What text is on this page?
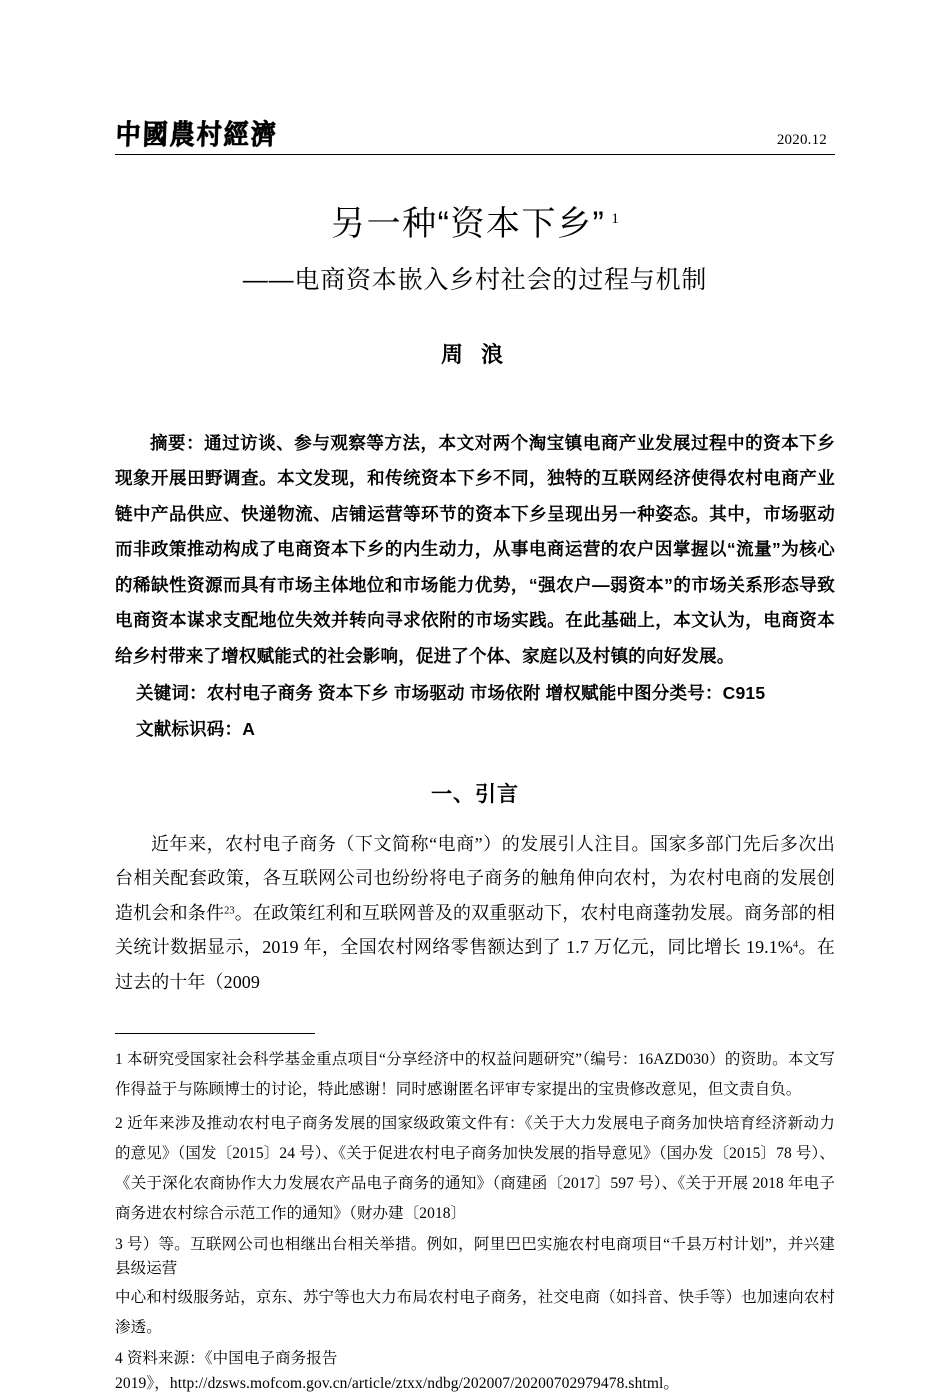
中國農村經濟	2020.12
另一种“资本下乡” $^1$
——电商资本嵌入乡村社会的过程与机制
周 浪

摘要：通过访谈、参与观察等方法，本文对两个淘宝镇电商产业发展过程中的资本下乡现象开展田野调查。本文发现，和传统资本下乡不同，独特的互联网经济使得农村电商产业链中产品供应、快递物流、店铺运营等环节的资本下乡呈现出另一种姿态。其中，市场驱动而非政策推动构成了电商资本下乡的内生动力，从事电商运营的农户因掌握以“流量”为核心的稀缺性资源而具有市场主体地位和市场能力优势，“强农户—弱资本”的市场关系形态导致电商资本谋求支配地位失效并转向寻求依附的市场实践。在此基础上，本文认为，电商资本给乡村带来了增权赋能式的社会影响，促进了个体、家庭以及村镇的向好发展。

关键词：农村电子商务 资本下乡 市场驱动 市场依附 增权赋能中图分类号：C915

文献标识码：A

一、引言

近年来，农村电子商务（下文简称“电商”）的发展引人注目。国家多部门先后多次出台相关配套政策，各互联网公司也纷纷将电子商务的触角伸向农村，为农村电商的发展创造机会和条件$^{23}$。在政策红利和互联网普及的双重驱动下，农村电商蓬勃发展。商务部的相关统计数据显示，2019 年，全国农村网络零售额达到了 1.7 万亿元，同比增长 19.1%$^4$。在过去的十年（2009

1 本研究受国家社会科学基金重点项目“分享经济中的权益问题研究”（编号：16AZD030）的资助。本文写作得益于与陈顾博士的讨论，特此感谢！同时感谢匿名评审专家提出的宝贵修改意见，但文责自负。

2 近年来涉及推动农村电子商务发展的国家级政策文件有：《关于大力发展电子商务加快培育经济新动力的意见》（国发〔2015〕24 号）、《关于促进农村电子商务加快发展的指导意见》（国办发〔2015〕78 号）、《关于深化农商协作大力发展农产品电子商务的通知》（商建函〔2017〕597 号）、《关于开展 2018 年电子商务进农村综合示范工作的通知》（财办建〔2018〕

3 号）等。互联网公司也相继出台相关举措。例如，阿里巴巴实施农村电商项目“千县万村计划”，并兴建县级运营

中心和村级服务站，京东、苏宁等也大力布局农村电子商务，社交电商（如抖音、快手等）也加速向农村渗透。

4 资料来源：《中国电子商务报告

2019》，http://dzsws.mofcom.gov.cn/article/ztxx/ndbg/202007/20200702979478.shtml。
